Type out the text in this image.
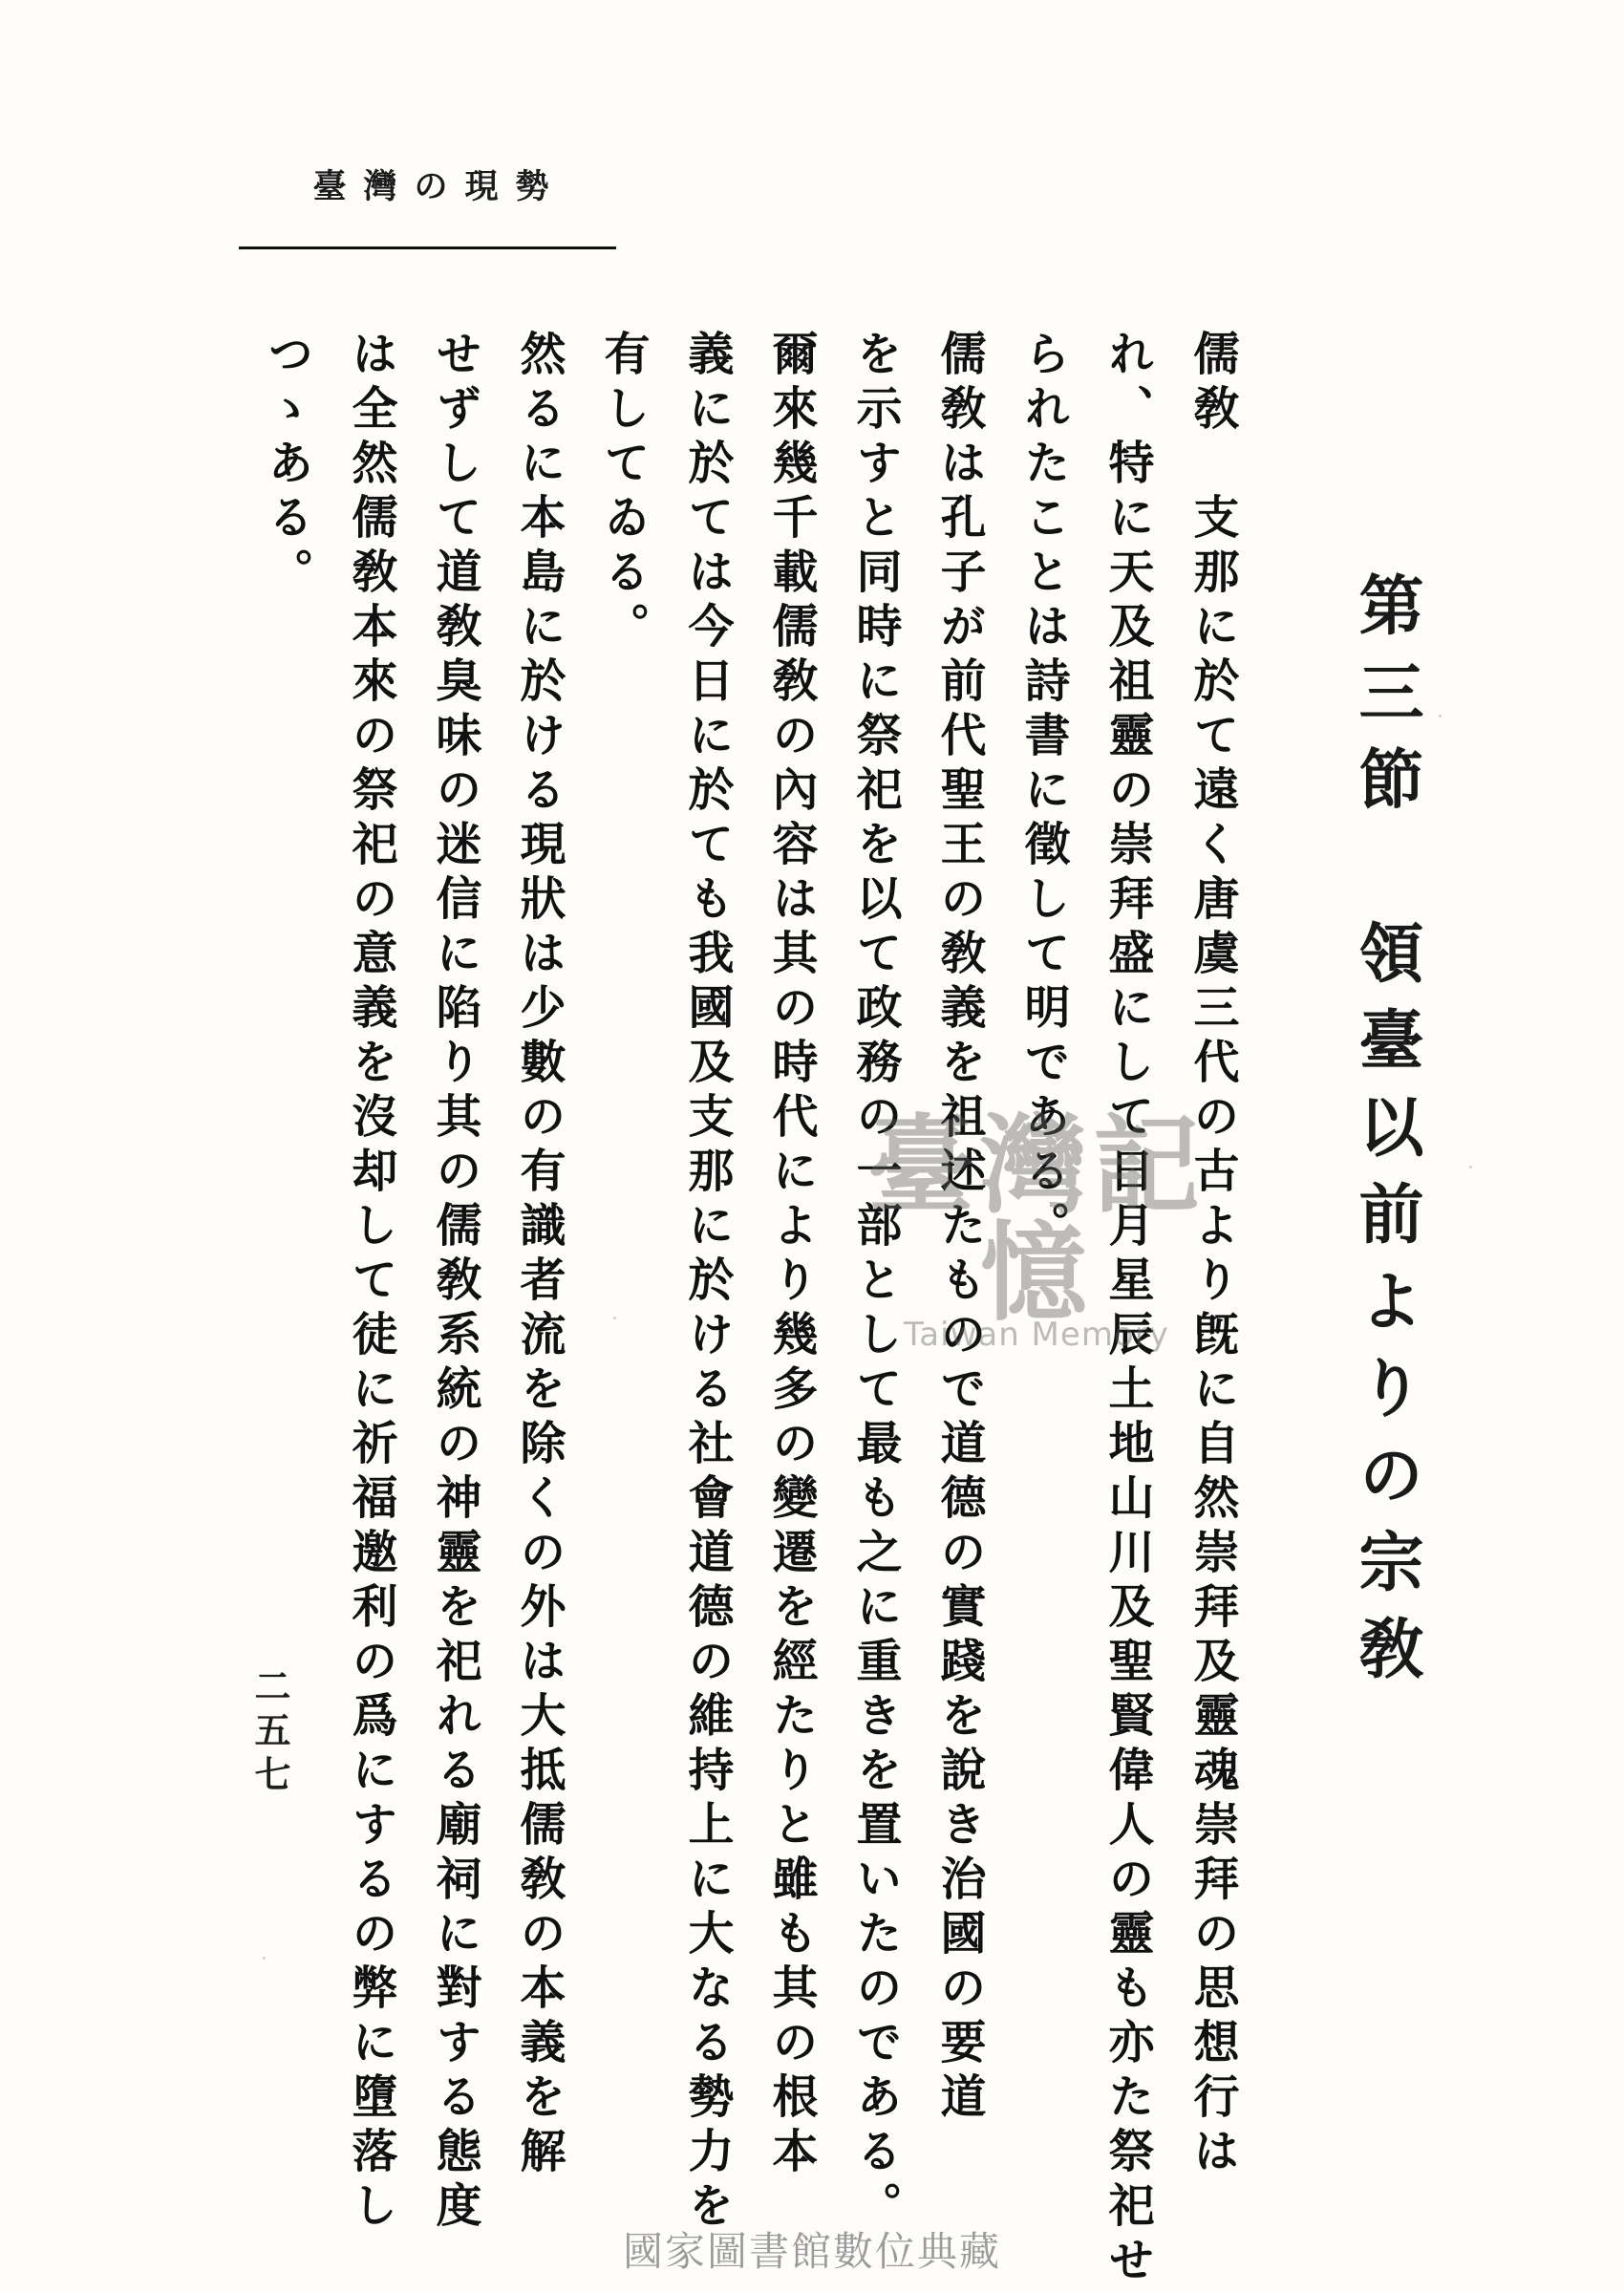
臺灣の現勢
第三節　領臺以前よりの宗敎
儒敎　支那に於て遠く唐虞三代の古より旣に自然崇拜及靈魂崇拜の思想行は
れ、特に天及祖靈の崇拜盛にして日月星辰土地山川及聖賢偉人の靈も亦た祭祀せ
られたことは詩書に徵して明である。
儒敎は孔子が前代聖王の敎義を祖述たもので道德の實踐を說き治國の要道
を示すと同時に祭祀を以て政務の一部として最も之に重きを置いたのである。
爾來幾千載儒敎の內容は其の時代により幾多の變遷を經たりと雖も其の根本
義に於ては今日に於ても我國及支那に於ける社會道德の維持上に大なる勢力を
有してゐる。
然るに本島に於ける現狀は少數の有識者流を除くの外は大抵儒敎の本義を解
せずして道敎臭味の迷信に陷り其の儒敎系統の神靈を祀れる廟祠に對する態度
は全然儒敎本來の祭祀の意義を沒却して徒に祈福邀利の爲にするの弊に墮落し
つゝある。
二五七
臺灣記憶
Taiwan Memory
國家圖書館數位典藏
